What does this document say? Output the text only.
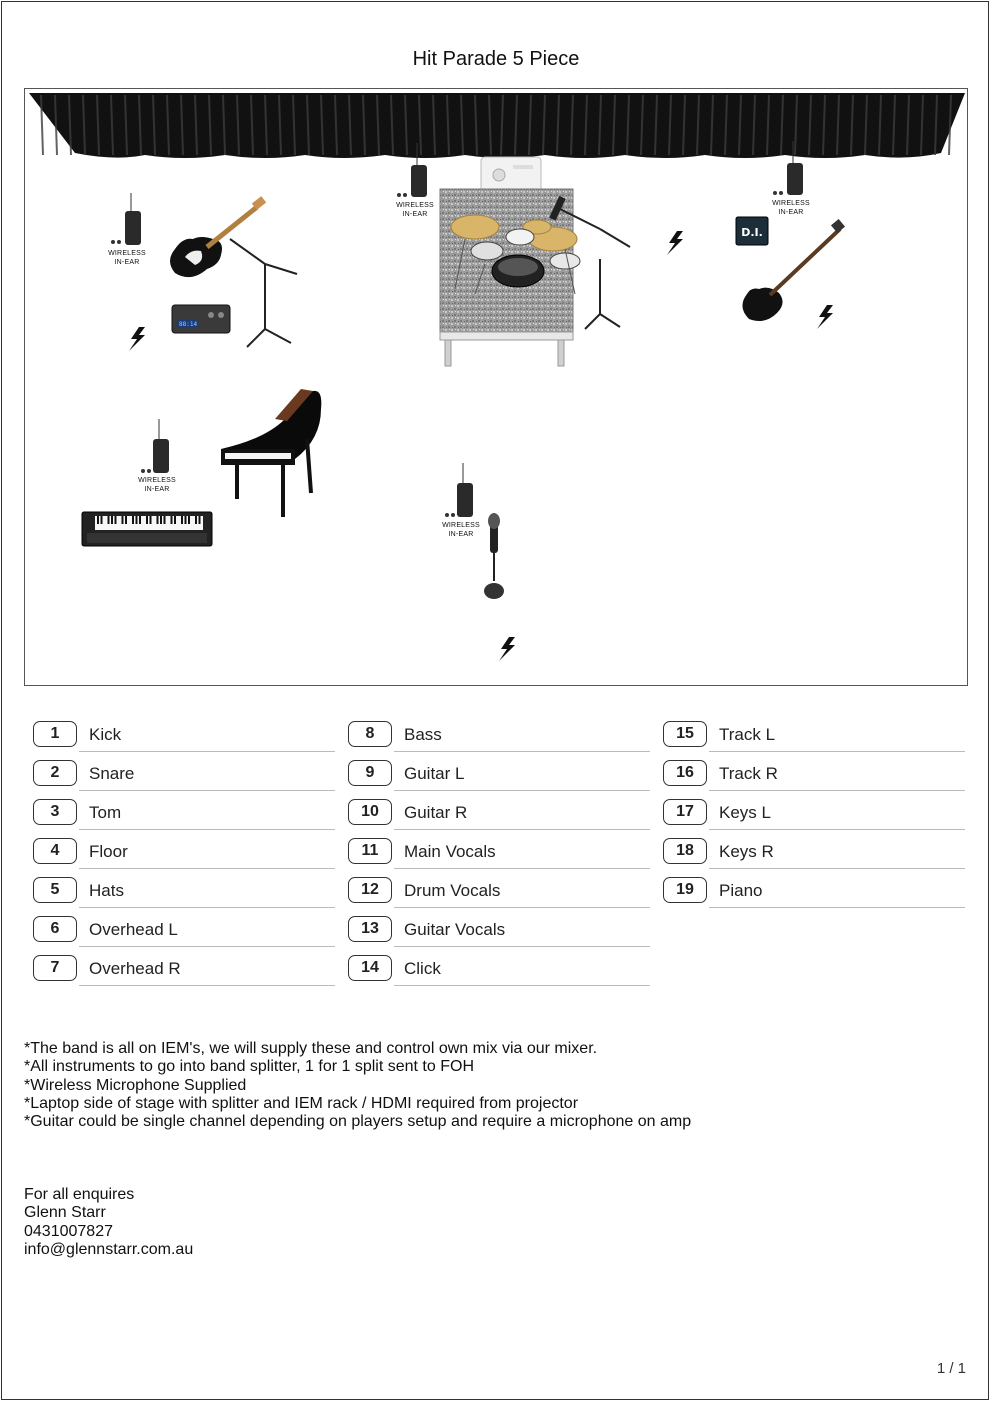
Hit Parade 5 Piece
88:14
D.I.
WIRELESS
IN-EAR
WIRELESS
IN-EAR
WIRELESS
IN-EAR
WIRELESS
IN-EAR
WIRELESS
IN-EAR
1	Kick
2	Snare
3	Tom
4	Floor
5	Hats
6	Overhead L
7	Overhead R
8	Bass
9	Guitar L
10	Guitar R
11	Main Vocals
12	Drum Vocals
13	Guitar Vocals
14	Click
15	Track L
16	Track R
17	Keys L
18	Keys R
19	Piano
*The band is all on IEM's, we will supply these and control own mix via our mixer.
*All instruments to go into band splitter, 1 for 1 split sent to FOH
*Wireless Microphone Supplied
*Laptop side of stage with splitter and IEM rack / HDMI required from projector
*Guitar could be single channel depending on players setup and require a microphone on amp
For all enquires
Glenn Starr
0431007827
info@glennstarr.com.au
1 / 1
